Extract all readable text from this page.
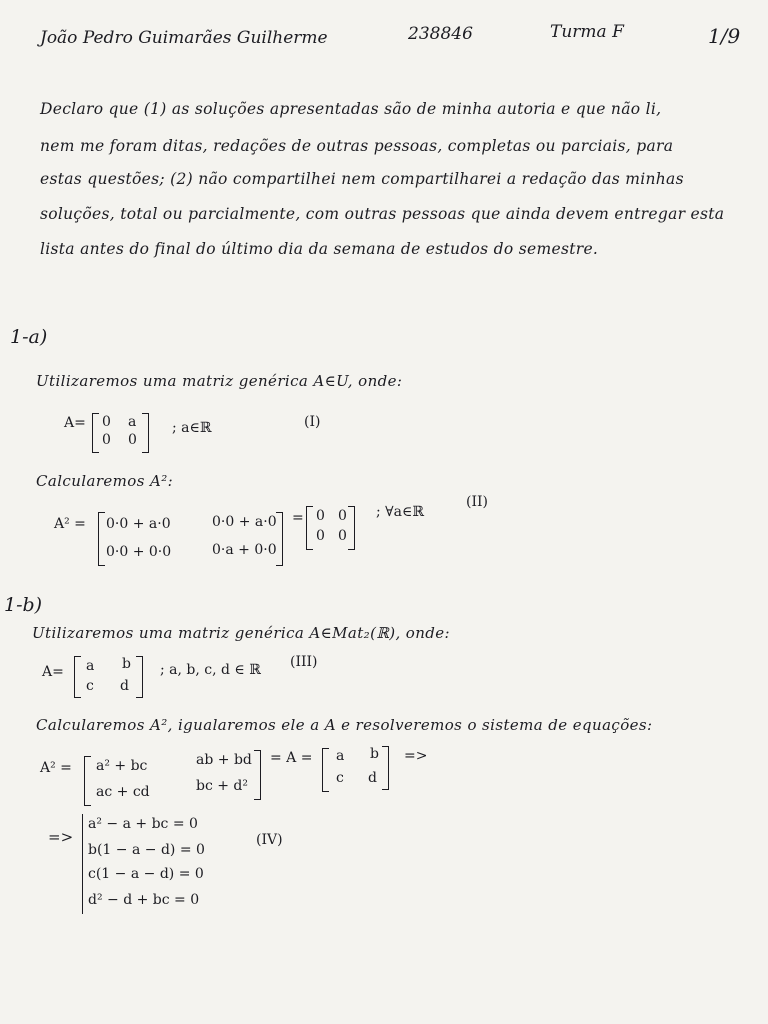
João Pedro Guimarães Guilherme	238846	Turma F	1/9
Declaro que (1) as soluções apresentadas são de minha autoria e que não li,
nem me foram ditas, redações de outras pessoas, completas ou parciais, para
estas questões; (2) não compartilhei nem compartilharei a redação das minhas
soluções, total ou parcialmente, com outras pessoas que ainda devem entregar esta
lista antes do final do último dia da semana de estudos do semestre.
1-a)
Utilizaremos uma matriz genérica A∈U, onde:
A= 0 a
0 0
; a∈ℝ	(I)
Calcularemos A²:
A² = 0·0 + a·0	0·0 + a·0
0·0 + 0·0	0·a + 0·0
= 0 0
0 0
; ∀a∈ℝ
(II)
1-b)
Utilizaremos uma matriz genérica A∈Mat₂(ℝ), onde:
A= a b
c d
; a, b, c, d ∈ ℝ (III)
Calcularemos A², igualaremos ele a A e resolveremos o sistema de equações:
A² = a² + bc	ab + bd
ac + cd	bc + d²
= A = a b
c d
=>
=>
a² − a + bc = 0
b(1 − a − d) = 0
c(1 − a − d) = 0
d² − d + bc = 0
(IV)
